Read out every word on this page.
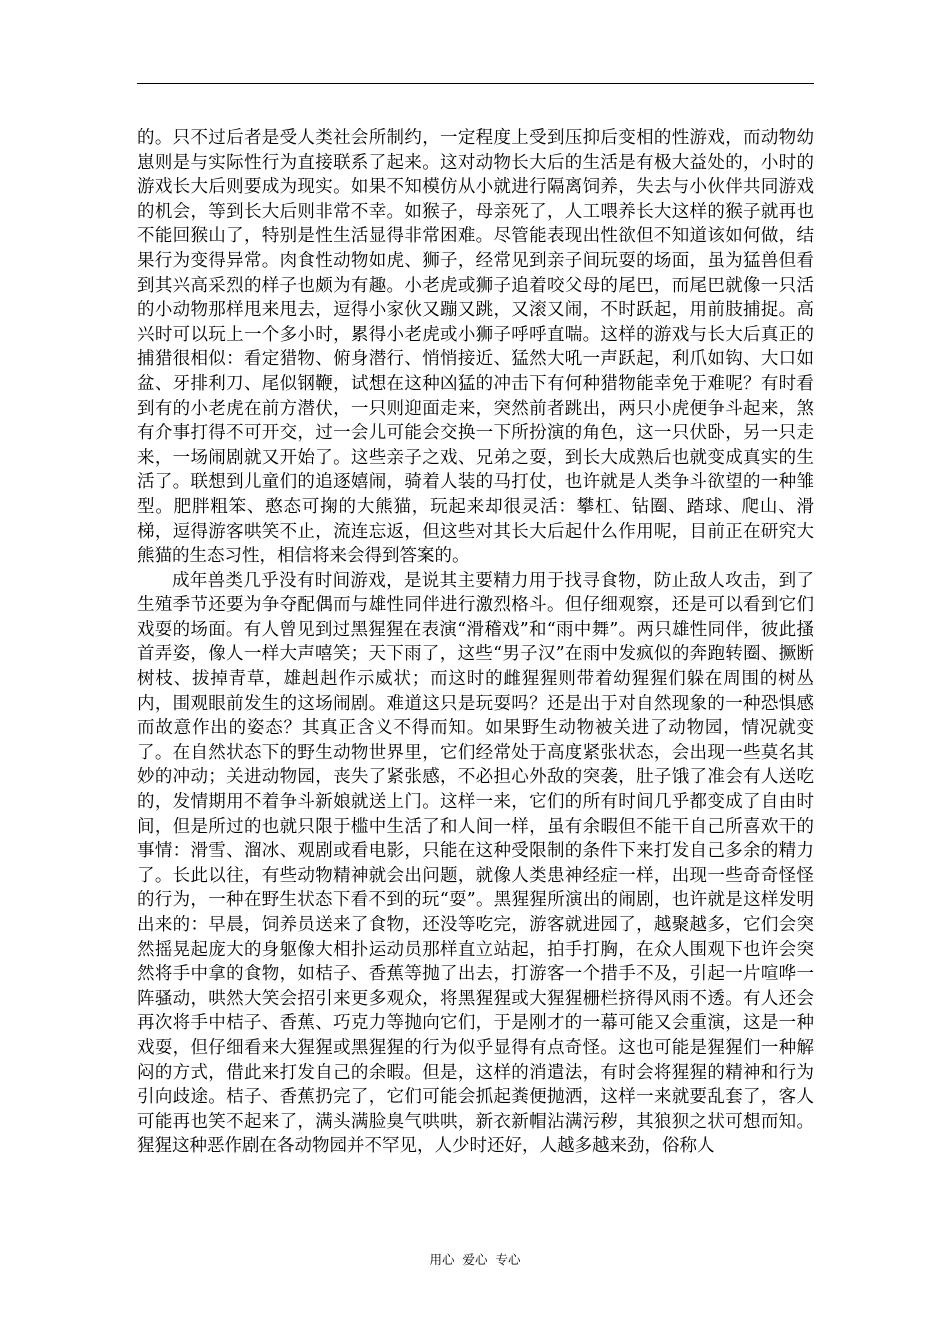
的。只不过后者是受人类社会所制约，一定程度上受到压抑后变相的性游戏，而动物幼崽则是与实际性行为直接联系了起来。这对动物长大后的生活是有极大益处的，小时的游戏长大后则要成为现实。如果不知模仿从小就进行隔离饲养，失去与小伙伴共同游戏的机会，等到长大后则非常不幸。如猴子，母亲死了，人工喂养长大这样的猴子就再也不能回猴山了，特别是性生活显得非常困难。尽管能表现出性欲但不知道该如何做，结果行为变得异常。肉食性动物如虎、狮子，经常见到亲子间玩耍的场面，虽为猛兽但看到其兴高采烈的样子也颇为有趣。小老虎或狮子追着咬父母的尾巴，而尾巴就像一只活的小动物那样甩来甩去，逗得小家伙又蹦又跳，又滚又闹，不时跃起，用前肢捕捉。高兴时可以玩上一个多小时，累得小老虎或小狮子呼呼直喘。这样的游戏与长大后真正的捕猎很相似：看定猎物、俯身潜行、悄悄接近、猛然大吼一声跃起，利爪如钩、大口如盆、牙排利刀、尾似钢鞭，试想在这种凶猛的冲击下有何种猎物能幸免于难呢？有时看到有的小老虎在前方潜伏，一只则迎面走来，突然前者跳出，两只小虎便争斗起来，煞有介事打得不可开交，过一会儿可能会交换一下所扮演的角色，这一只伏卧，另一只走来，一场闹剧就又开始了。这些亲子之戏、兄弟之耍，到长大成熟后也就变成真实的生活了。联想到儿童们的追逐嬉闹，骑着人装的马打仗，也许就是人类争斗欲望的一种雏型。肥胖粗笨、憨态可掬的大熊猫，玩起来却很灵活：攀杠、钻圈、踏球、爬山、滑梯，逗得游客哄笑不止，流连忘返，但这些对其长大后起什么作用呢，目前正在研究大熊猫的生态习性，相信将来会得到答案的。

成年兽类几乎没有时间游戏，是说其主要精力用于找寻食物，防止敌人攻击，到了生殖季节还要为争夺配偶而与雄性同伴进行激烈格斗。但仔细观察，还是可以看到它们戏耍的场面。有人曾见到过黑猩猩在表演“滑稽戏”和“雨中舞”。两只雄性同伴，彼此搔首弄姿，像人一样大声嘻笑；天下雨了，这些“男子汉”在雨中发疯似的奔跑转圈、撅断树枝、拔掉青草，雄赳赳作示威状；而这时的雌猩猩则带着幼猩猩们躲在周围的树丛内，围观眼前发生的这场闹剧。难道这只是玩耍吗？还是出于对自然现象的一种恐惧感而故意作出的姿态？其真正含义不得而知。如果野生动物被关进了动物园，情况就变了。在自然状态下的野生动物世界里，它们经常处于高度紧张状态，会出现一些莫名其妙的冲动；关进动物园，丧失了紧张感，不必担心外敌的突袭，肚子饿了准会有人送吃的，发情期用不着争斗新娘就送上门。这样一来，它们的所有时间几乎都变成了自由时间，但是所过的也就只限于槛中生活了和人间一样，虽有余暇但不能干自己所喜欢干的事情：滑雪、溜冰、观剧或看电影，只能在这种受限制的条件下来打发自己多余的精力了。长此以往，有些动物精神就会出问题，就像人类患神经症一样，出现一些奇奇怪怪的行为，一种在野生状态下看不到的玩“耍”。黑猩猩所演出的闹剧，也许就是这样发明出来的：早晨，饲养员送来了食物，还没等吃完，游客就进园了，越聚越多，它们会突然摇晃起庞大的身躯像大相扑运动员那样直立站起，拍手打胸，在众人围观下也许会突然将手中拿的食物，如桔子、香蕉等抛了出去，打游客一个措手不及，引起一片喧哗一阵骚动，哄然大笑会招引来更多观众，将黑猩猩或大猩猩栅栏挤得风雨不透。有人还会再次将手中桔子、香蕉、巧克力等抛向它们，于是刚才的一幕可能又会重演，这是一种戏耍，但仔细看来大猩猩或黑猩猩的行为似乎显得有点奇怪。这也可能是猩猩们一种解闷的方式，借此来打发自己的余暇。但是，这样的消遣法，有时会将猩猩的精神和行为引向歧途。桔子、香蕉扔完了，它们可能会抓起粪便抛洒，这样一来就要乱套了，客人可能再也笑不起来了，满头满脸臭气哄哄，新衣新帽沾满污秽，其狼狈之状可想而知。猩猩这种恶作剧在各动物园并不罕见，人少时还好，人越多越来劲，俗称人

用心 爱心 专心
